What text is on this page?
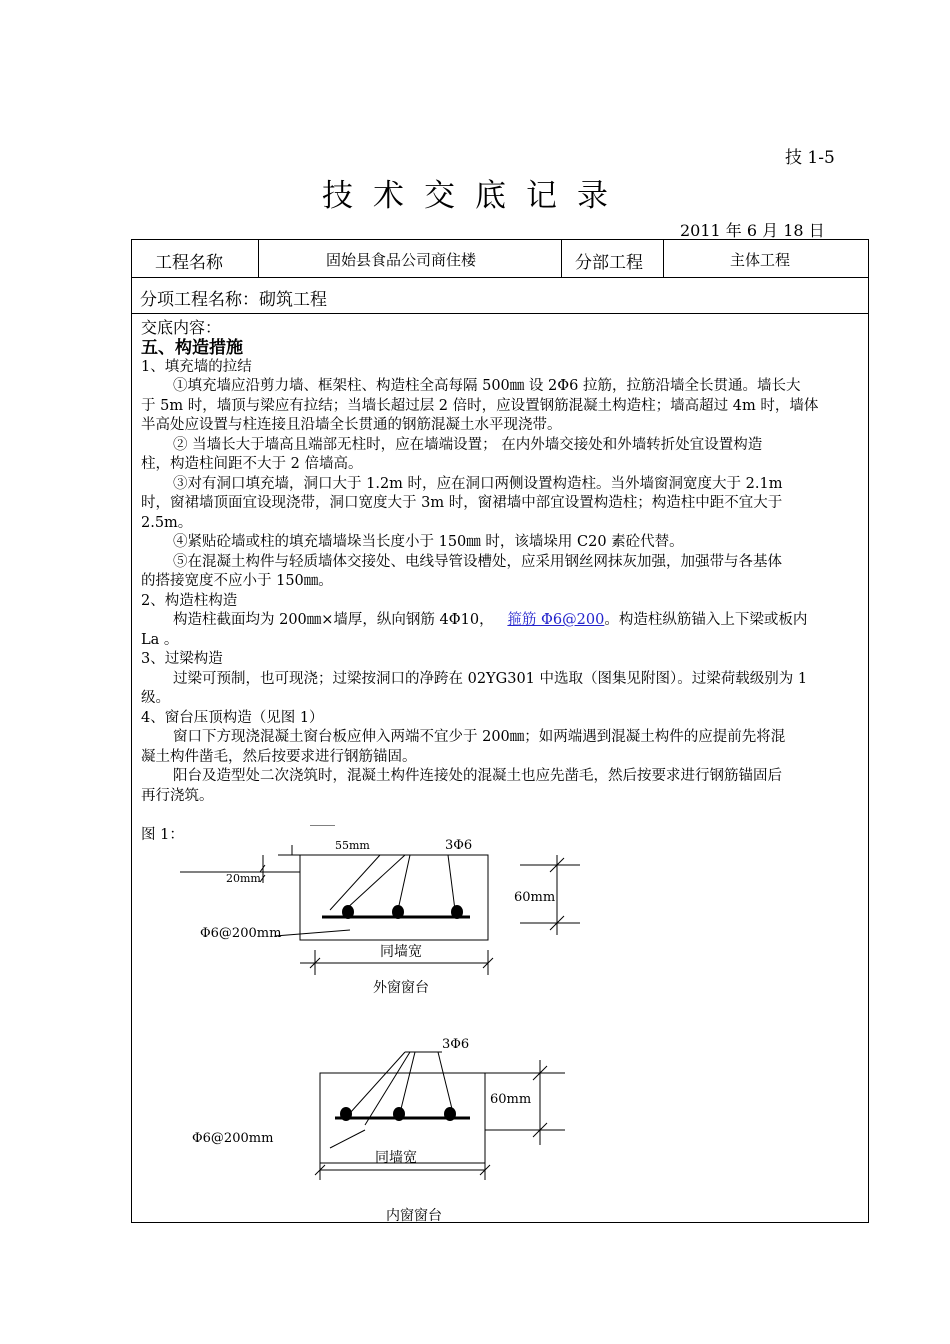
技 1-5
技术交底记录
2011 年 6 月 18 日
工程名称	固始县食品公司商住楼	分部工程	主体工程
分项工程名称：砌筑工程
交底内容：
五、构造措施
1、填充墙的拉结
①填充墙应沿剪力墙、框架柱、构造柱全高每隔 500㎜ 设 2Φ6 拉筋，拉筋沿墙全长贯通。墙长大
于 5m 时，墙顶与梁应有拉结；当墙长超过层 2 倍时，应设置钢筋混凝土构造柱；墙高超过 4m 时，墙体
半高处应设置与柱连接且沿墙全长贯通的钢筋混凝土水平现浇带。
② 当墙长大于墙高且端部无柱时，应在墙端设置； 在内外墙交接处和外墙转折处宜设置构造
柱，构造柱间距不大于 2 倍墙高。
③对有洞口填充墙，洞口大于 1.2m 时，应在洞口两侧设置构造柱。当外墙窗洞宽度大于 2.1m
时，窗裙墙顶面宜设现浇带，洞口宽度大于 3m 时，窗裙墙中部宜设置构造柱；构造柱中距不宜大于
2.5m。
④紧贴砼墙或柱的填充墙墙垛当长度小于 150㎜ 时，该墙垛用 C20 素砼代替。
⑤在混凝土构件与轻质墙体交接处、电线导管设槽处，应采用钢丝网抹灰加强，加强带与各基体
的搭接宽度不应小于 150㎜。
2、构造柱构造
构造柱截面均为 200㎜×墙厚，纵向钢筋 4Φ10， 箍筋 Φ6@200。构造柱纵筋锚入上下梁或板内
La 。
3、过梁构造
过梁可预制，也可现浇；过梁按洞口的净跨在 02YG301 中选取（图集见附图）。过梁荷载级别为 1
级。
4、窗台压顶构造（见图 1）
窗口下方现浇混凝土窗台板应伸入两端不宜少于 200㎜；如两端遇到混凝土构件的应提前先将混
凝土构件凿毛，然后按要求进行钢筋锚固。
阳台及造型处二次浇筑时，混凝土构件连接处的混凝土也应先凿毛，然后按要求进行钢筋锚固后
再行浇筑。

图 1：
55mm	3Φ6
20mm
60mm
Φ6@200mm
同墙宽
外窗窗台
3Φ6
60mm
Φ6@200mm
同墙宽
内窗窗台
